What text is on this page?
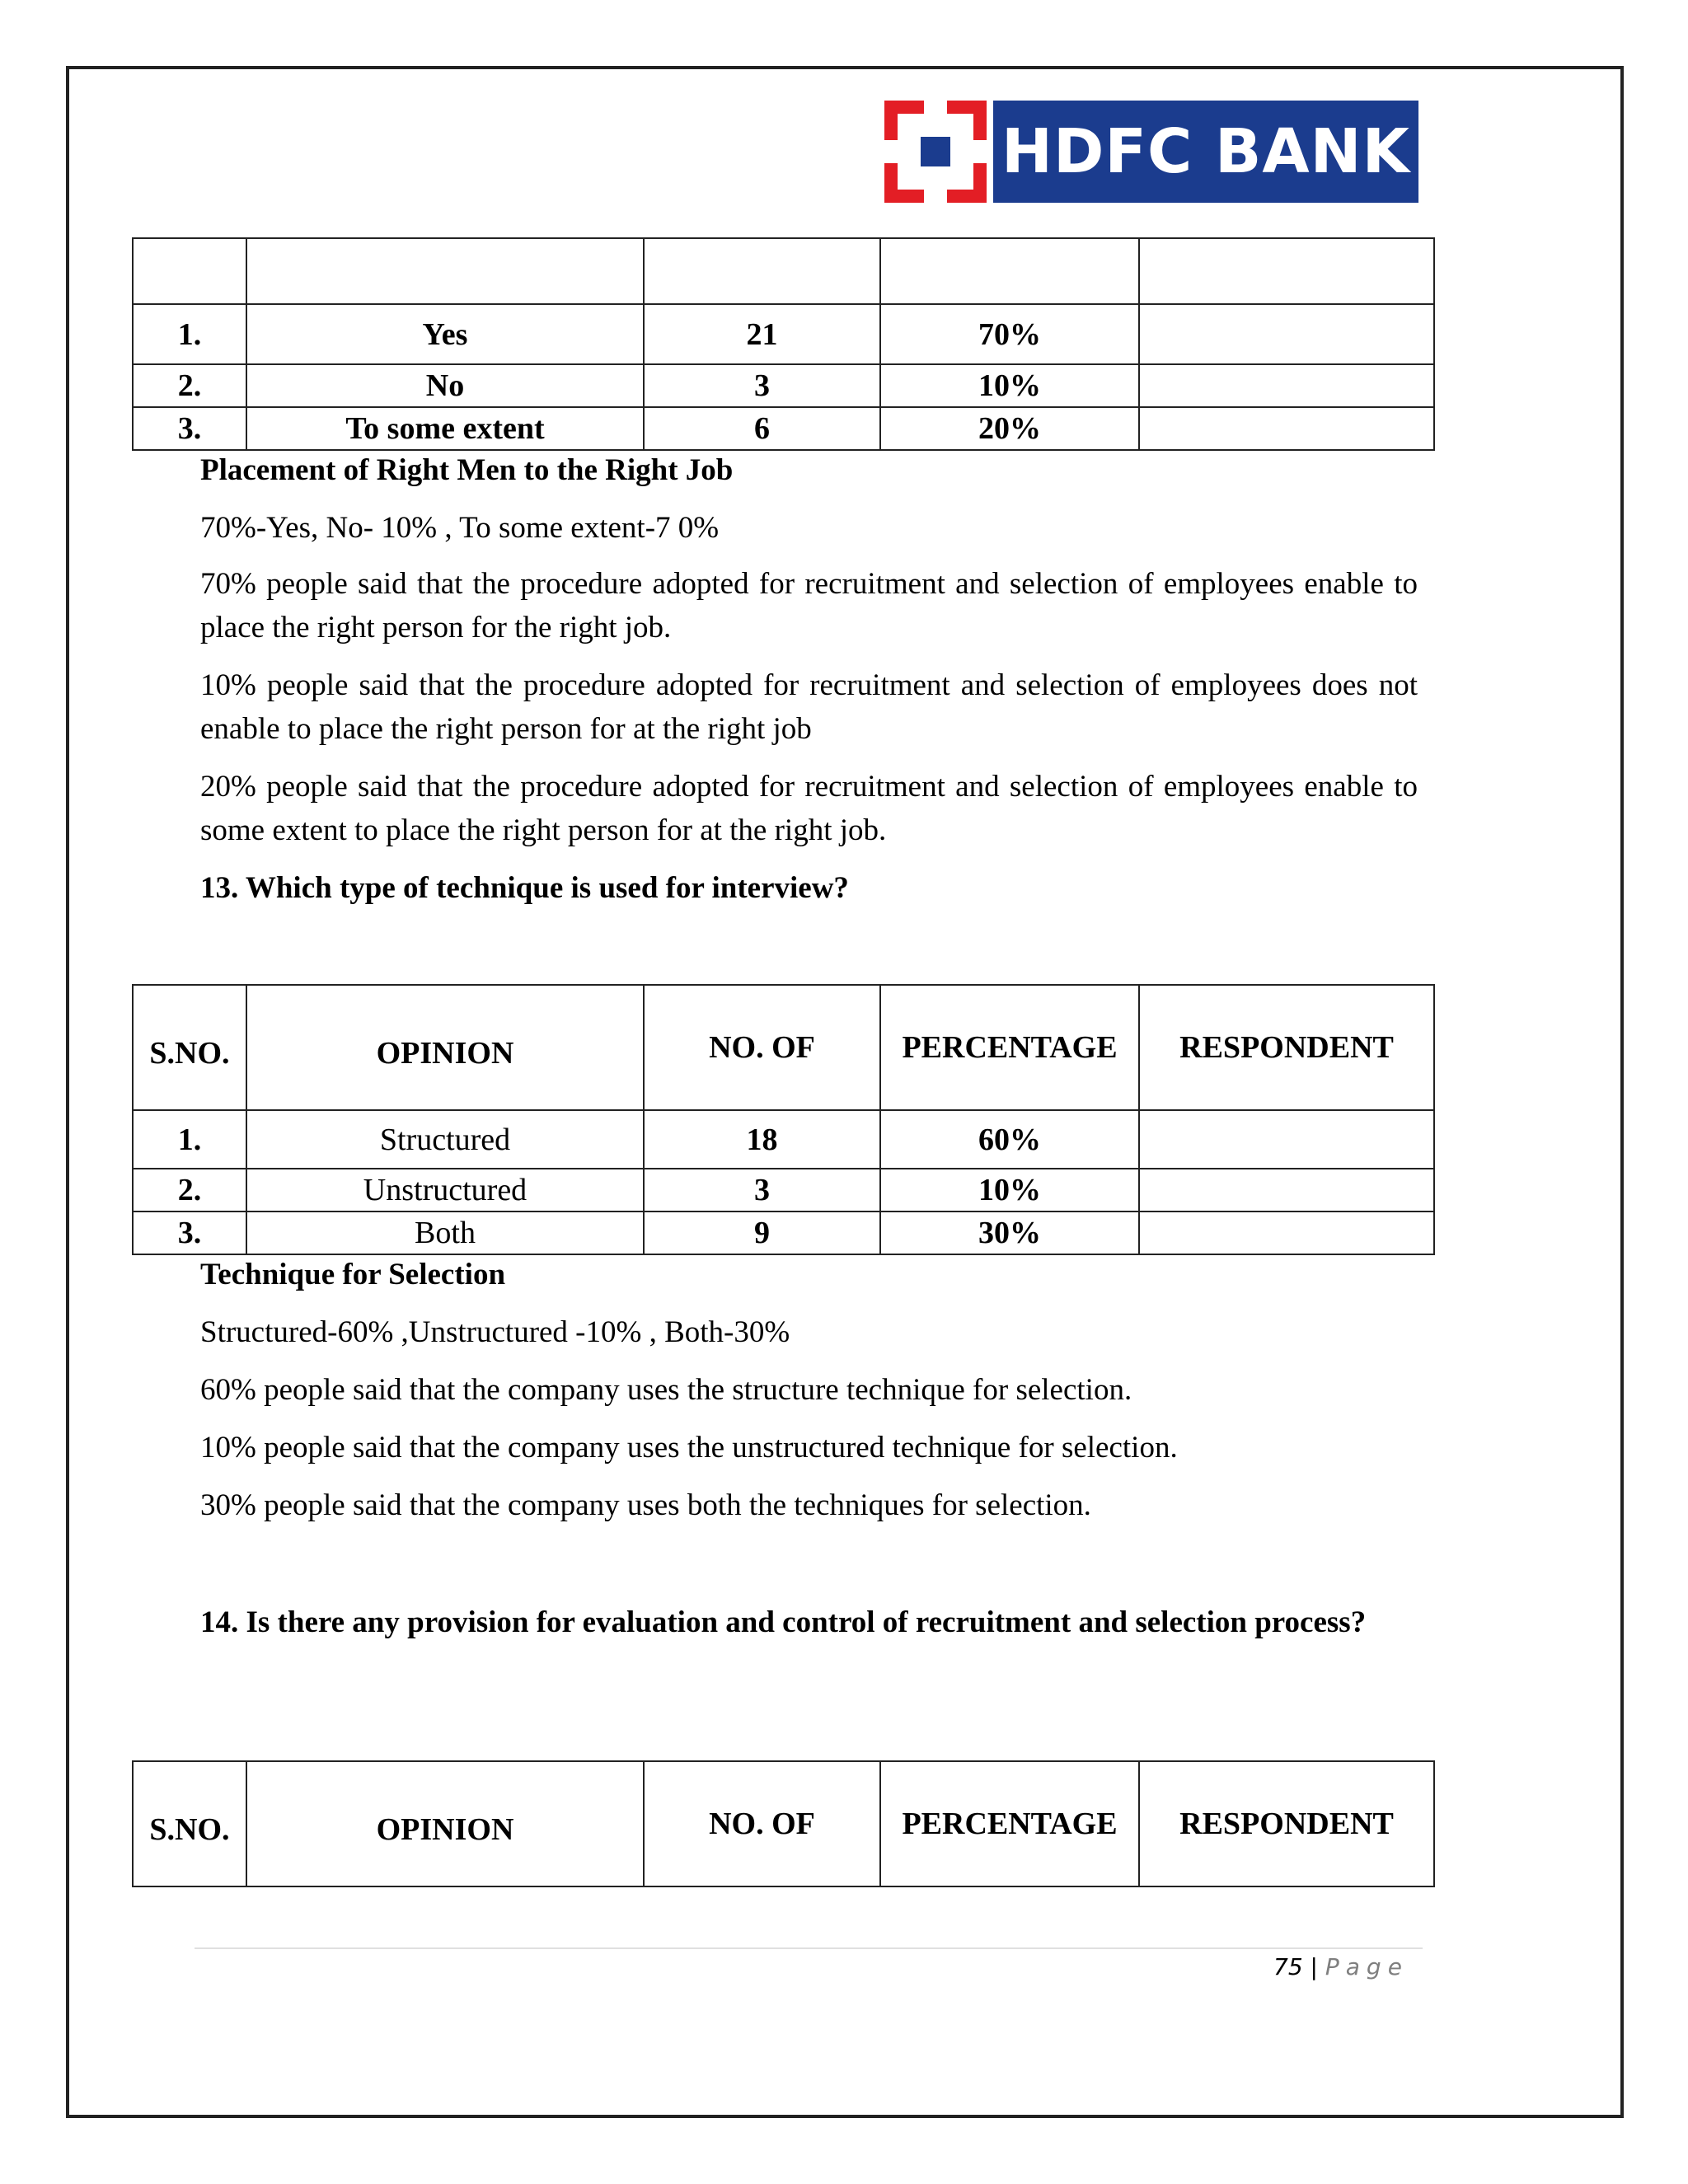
HDFC BANK

1.	Yes	21	70%	
2.	No	3	10%	
3.	To some extent	6	20%	

Placement of Right Men to the Right Job

70%-Yes, No- 10% , To some extent-7 0%

70% people said that the procedure adopted for recruitment and selection of employees enable to place the right person for the right job.

10% people said that the procedure adopted for recruitment and selection of employees does not enable to place the right person for at the right job

20% people said that the procedure adopted for recruitment and selection of employees enable to some extent to place the right person for at the right job.

13. Which type of technique is used for interview?

S.NO.	OPINION	NO. OF	PERCENTAGE	RESPONDENT
1.	Structured	18	60%	
2.	Unstructured	3	10%	
3.	Both	9	30%	

Technique for Selection

Structured-60% ,Unstructured -10% , Both-30%

60% people said that the company uses the structure technique for selection.

10% people said that the company uses the unstructured technique for selection.

30% people said that the company uses both the techniques for selection.

14. Is there any provision for evaluation and control of recruitment and selection process?

S.NO.	OPINION	NO. OF	PERCENTAGE	RESPONDENT
75 | Page
